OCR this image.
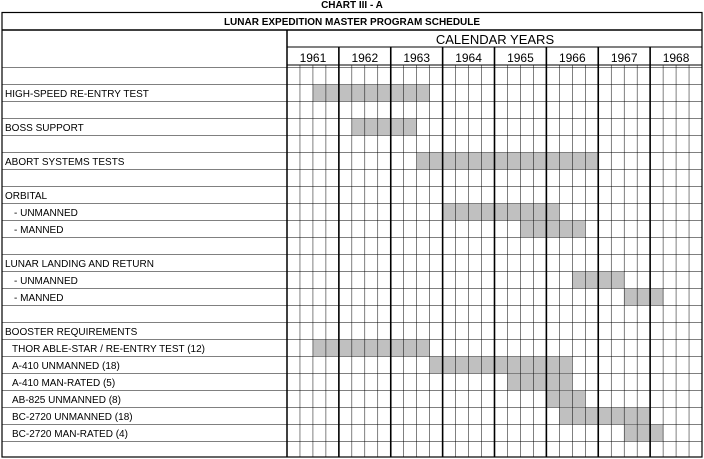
CHART III - A
LUNAR EXPEDITION MASTER PROGRAM SCHEDULE
CALENDAR YEARS
1961 1962 1963 1964 1965 1966 1967 1968
HIGH-SPEED RE-ENTRY TEST
BOSS SUPPORT
ABORT SYSTEMS TESTS
ORBITAL
- UNMANNED
- MANNED
LUNAR LANDING AND RETURN
- UNMANNED
- MANNED
BOOSTER REQUIREMENTS
THOR ABLE-STAR / RE-ENTRY TEST (12)
A-410 UNMANNED (18)
A-410 MAN-RATED (5)
AB-825 UNMANNED (8)
BC-2720 UNMANNED (18)
BC-2720 MAN-RATED (4)
